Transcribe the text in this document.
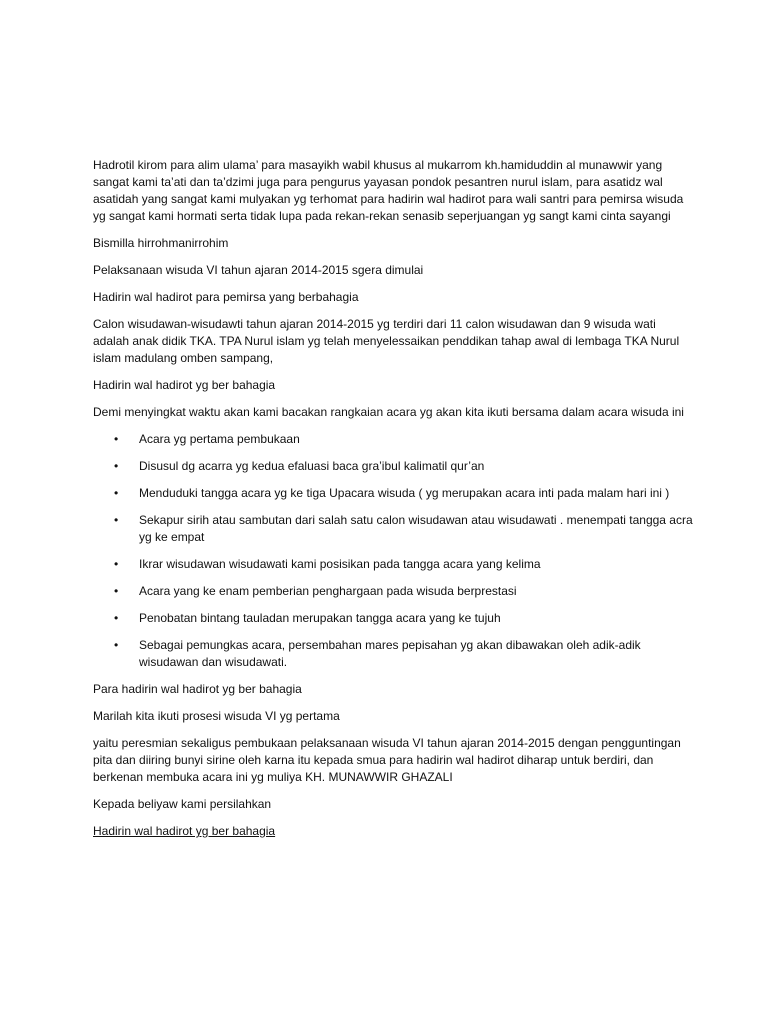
Hadrotil kirom para alim ulama’ para masayikh wabil khusus al mukarrom kh.hamiduddin al munawwir yang sangat kami ta’ati dan ta’dzimi juga para pengurus yayasan pondok pesantren nurul islam, para asatidz wal asatidah yang sangat kami mulyakan yg terhomat para hadirin wal hadirot para wali santri para pemirsa wisuda yg sangat kami hormati serta tidak lupa pada rekan-rekan senasib seperjuangan yg sangt kami cinta sayangi

Bismilla hirrohmanirrohim

Pelaksanaan wisuda VI tahun ajaran 2014-2015 sgera dimulai

Hadirin wal hadirot para pemirsa yang berbahagia

Calon wisudawan-wisudawti tahun ajaran 2014-2015 yg terdiri dari 11 calon wisudawan dan 9 wisuda wati adalah anak didik TKA. TPA Nurul islam yg telah menyelessaikan penddikan tahap awal di lembaga TKA Nurul islam madulang omben sampang,

Hadirin wal hadirot yg ber bahagia

Demi menyingkat waktu akan kami bacakan rangkaian acara yg akan kita ikuti bersama dalam acara wisuda ini

• Acara yg pertama pembukaan
• Disusul dg acarra yg kedua efaluasi baca gra’ibul kalimatil qur’an
• Menduduki tangga acara yg ke tiga Upacara wisuda ( yg merupakan acara inti pada malam hari ini )
• Sekapur sirih atau sambutan dari salah satu calon wisudawan atau wisudawati . menempati tangga acra yg ke empat
• Ikrar wisudawan wisudawati kami posisikan pada tangga acara yang kelima
• Acara yang ke enam pemberian penghargaan pada wisuda berprestasi
• Penobatan bintang tauladan merupakan tangga acara yang ke tujuh
• Sebagai pemungkas acara, persembahan mares pepisahan yg akan dibawakan oleh adik-adik wisudawan dan wisudawati.

Para hadirin wal hadirot yg ber bahagia

Marilah kita ikuti prosesi wisuda VI yg pertama

yaitu peresmian sekaligus pembukaan pelaksanaan wisuda VI tahun ajaran 2014-2015 dengan pengguntingan pita dan diiring bunyi sirine oleh karna itu kepada smua para hadirin wal hadirot diharap untuk berdiri, dan berkenan membuka acara ini yg muliya KH. MUNAWWIR GHAZALI

Kepada beliyaw kami persilahkan

Hadirin wal hadirot yg ber bahagia
